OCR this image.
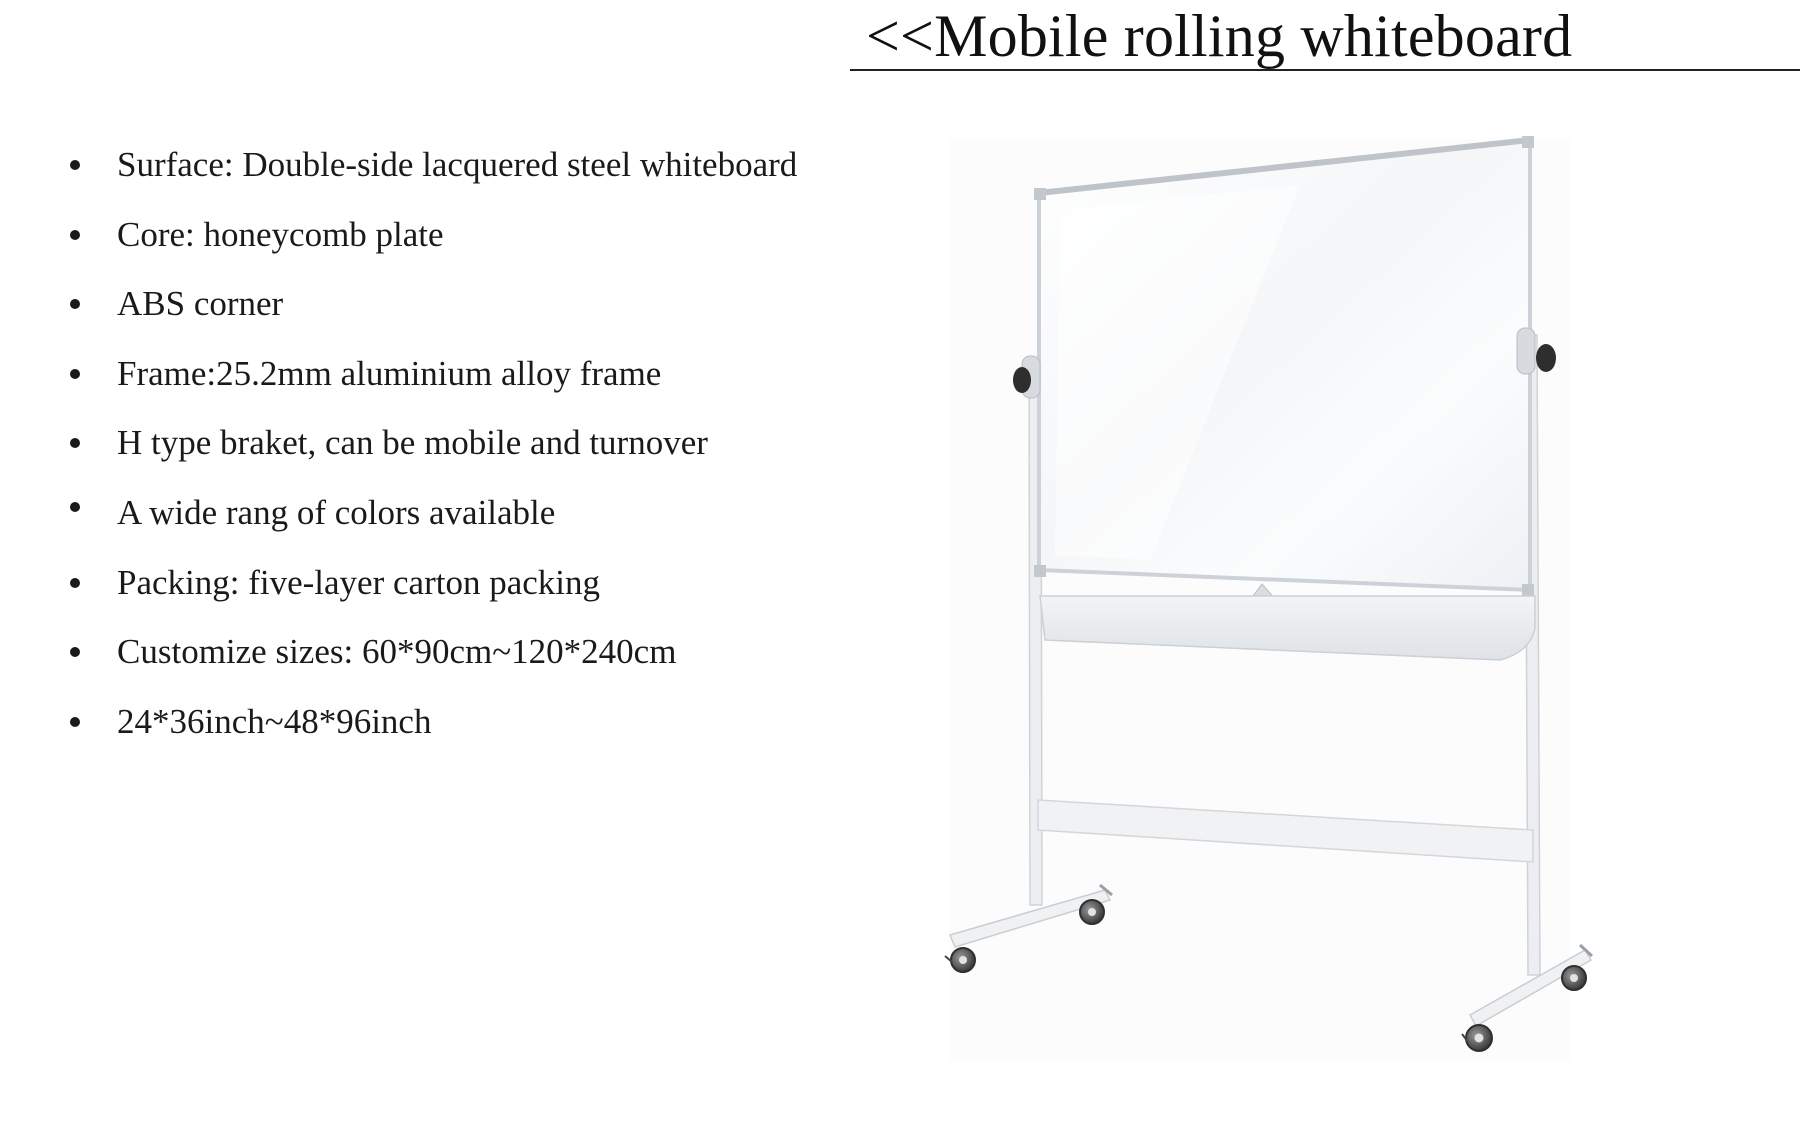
<<Mobile rolling whiteboard
Surface: Double-side lacquered steel whiteboard
Core: honeycomb plate
ABS corner
Frame:25.2mm aluminium alloy frame
H type braket, can be mobile and turnover
A wide rang of colors available
Packing: five-layer carton packing
Customize sizes: 60*90cm~120*240cm
24*36inch~48*96inch
